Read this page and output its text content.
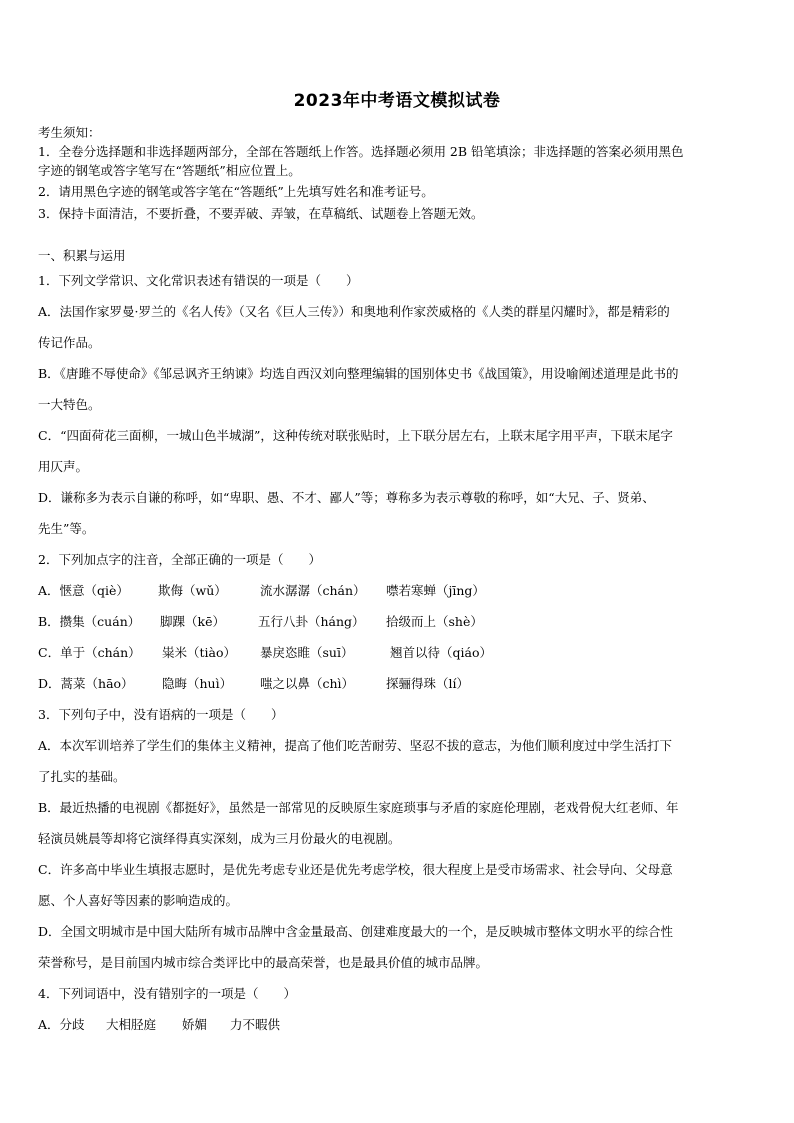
2023年中考语文模拟试卷
考生须知：
1．全卷分选择题和非选择题两部分，全部在答题纸上作答。选择题必须用 2B 铅笔填涂；非选择题的答案必须用黑色
字迹的钢笔或答字笔写在“答题纸”相应位置上。
2．请用黑色字迹的钢笔或答字笔在“答题纸”上先填写姓名和准考证号。
3．保持卡面清洁，不要折叠，不要弄破、弄皱，在草稿纸、试题卷上答题无效。
一、积累与运用
1．下列文学常识、文化常识表述有错误的一项是（　　）
A．法国作家罗曼·罗兰的《名人传》（又名《巨人三传》）和奥地利作家茨威格的《人类的群星闪耀时》，都是精彩的
传记作品。
B．《唐雎不辱使命》《邹忌讽齐王纳谏》均选自西汉刘向整理编辑的国别体史书《战国策》，用设喻阐述道理是此书的
一大特色。
C．“四面荷花三面柳，一城山色半城湖”，这种传统对联张贴时，上下联分居左右，上联末尾字用平声，下联末尾字
用仄声。
D．谦称多为表示自谦的称呼，如“卑职、愚、不才、鄙人”等；尊称多为表示尊敬的称呼，如“大兄、子、贤弟、
先生”等。
2．下列加点字的注音，全部正确的一项是（　　）
A．惬意（qiè） 欺侮（wǔ）	流水潺潺（chán） 噤若寒蝉（jīng）
B．攒集（cuán） 脚踝（kē）	五行八卦（háng） 拾级而上（shè）
C．单于（chán） 粜米（tiào） 暴戾恣睢（suī）	翘首以待（qiáo）
D．蒿菜（hāo） 隐晦（huì） 嗤之以鼻（chì）	探骊得珠（lí）
3．下列句子中，没有语病的一项是（　　）
A．本次军训培养了学生们的集体主义精神，提高了他们吃苦耐劳、坚忍不拔的意志，为他们顺利度过中学生活打下
了扎实的基础。
B．最近热播的电视剧《都挺好》，虽然是一部常见的反映原生家庭琐事与矛盾的家庭伦理剧，老戏骨倪大红老师、年
轻演员姚晨等却将它演绎得真实深刻，成为三月份最火的电视剧。
C．许多高中毕业生填报志愿时，是优先考虑专业还是优先考虑学校，很大程度上是受市场需求、社会导向、父母意
愿、个人喜好等因素的影响造成的。
D．全国文明城市是中国大陆所有城市品牌中含金量最高、创建难度最大的一个，是反映城市整体文明水平的综合性
荣誉称号，是目前国内城市综合类评比中的最高荣誉，也是最具价值的城市品牌。
4．下列词语中，没有错别字的一项是（　　）
A．分歧 大相胫庭 娇媚 力不暇供
